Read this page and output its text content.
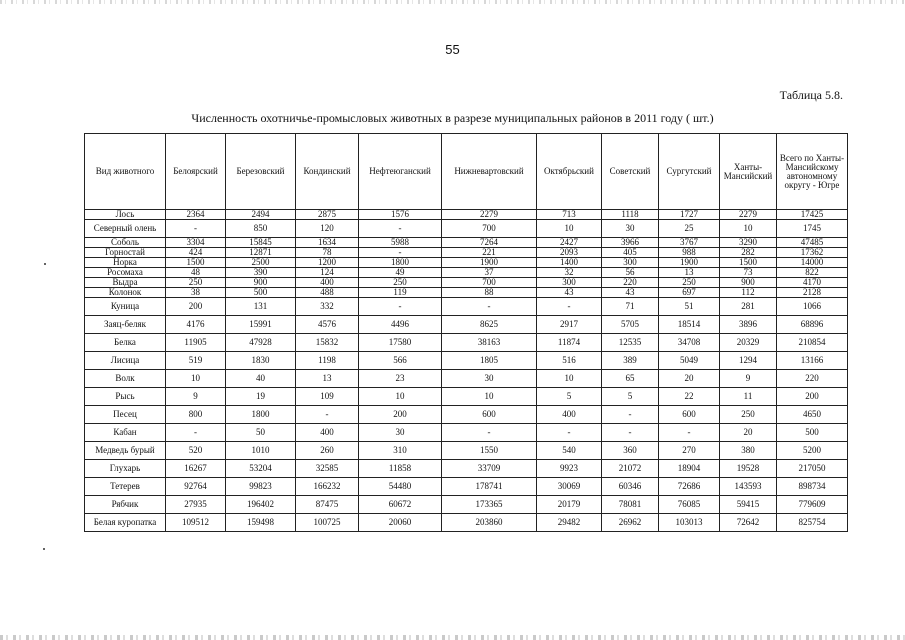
55
Таблица 5.8.
Численность охотничье-промысловых животных в разрезе муниципальных районов в 2011 году ( шт.)
Вид животного	Белоярский	Березовский	Кондинский	Нефтеюганский	Нижневартовский	Октябрьский	Советский	Сургутский	Ханты-Мансийский	Всего по Ханты-Мансийскому автономному округу - Югре
Лось	2364	2494	2875	1576	2279	713	1118	1727	2279	17425
Северный олень	-	850	120	-	700	10	30	25	10	1745
Соболь	3304	15845	1634	5988	7264	2427	3966	3767	3290	47485
Горностай	424	12871	78	-	221	2093	405	988	282	17362
Норка	1500	2500	1200	1800	1900	1400	300	1900	1500	14000
Росомаха	48	390	124	49	37	32	56	13	73	822
Выдра	250	900	400	250	700	300	220	250	900	4170
Колонок	38	500	488	119	88	43	43	697	112	2128
Куница	200	131	332	-	-	-	71	51	281	1066
Заяц-беляк	4176	15991	4576	4496	8625	2917	5705	18514	3896	68896
Белка	11905	47928	15832	17580	38163	11874	12535	34708	20329	210854
Лисица	519	1830	1198	566	1805	516	389	5049	1294	13166
Волк	10	40	13	23	30	10	65	20	9	220
Рысь	9	19	109	10	10	5	5	22	11	200
Песец	800	1800	-	200	600	400	-	600	250	4650
Кабан	-	50	400	30	-	-	-	-	20	500
Медведь бурый	520	1010	260	310	1550	540	360	270	380	5200
Глухарь	16267	53204	32585	11858	33709	9923	21072	18904	19528	217050
Тетерев	92764	99823	166232	54480	178741	30069	60346	72686	143593	898734
Рябчик	27935	196402	87475	60672	173365	20179	78081	76085	59415	779609
Белая куропатка	109512	159498	100725	20060	203860	29482	26962	103013	72642	825754
